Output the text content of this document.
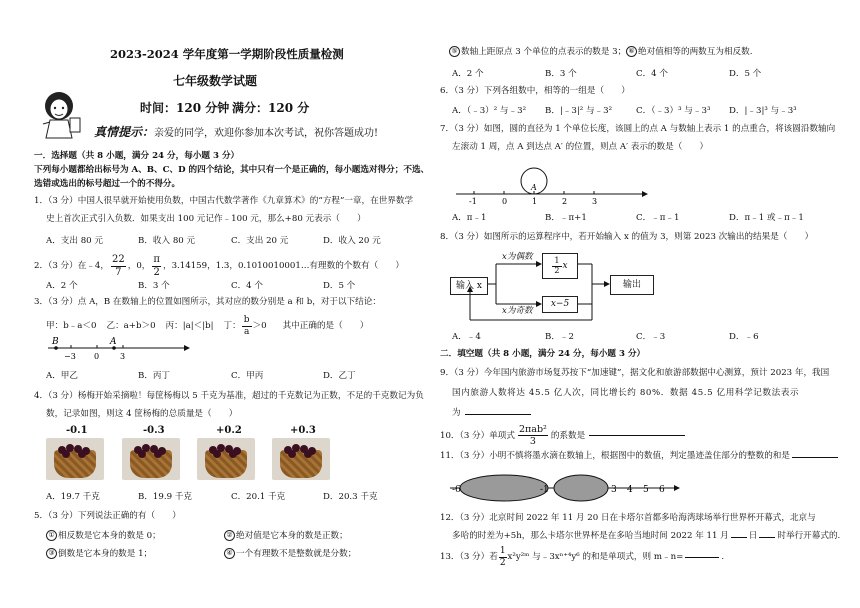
2023-2024 学年度第一学期阶段性质量检测
七年级数学试题
时间：120 分钟 满分：120 分
真情提示：亲爱的同学，欢迎你参加本次考试，祝你答题成功!
一．选择题（共 8 小题，满分 24 分，每小题 3 分）
下列每小题都给出标号为 A、B、C、D 的四个结论，其中只有一个是正确的，每小题选对得分；不选、
选错或选出的标号超过一个的不得分。
1．（3 分）中国人很早就开始使用负数，中国古代数学著作《九章算术》的“方程”一章，在世界数学
史上首次正式引入负数．如果支出 100 元记作﹣100 元，那么+80 元表示（　　）
A．支出 80 元	B．收入 80 元	C．支出 20 元	D．收入 20 元
2．（3 分）在﹣4， $\frac{22}{7}$ ，0， $\frac{\pi}{2}$ ，3.14159，1.3，0.1010010001…有理数的个数有（　　）
A．2 个	B．3 个	C．4 个	D．5 个
3．（3 分）点 A，B 在数轴上的位置如图所示，其对应的数分别是 a 和 b，对于以下结论：
甲：b﹣a＜0 乙：a+b＞0 丙：|a|＜|b| 丁： $\frac{b}{a} >0$ 其中正确的是（　　）
B	A
−3 0	3
A．甲乙	B．丙丁	C．甲丙	D．乙丁
4．（3 分）杨梅开始采摘啦！每筐杨梅以 5 千克为基准，超过的千克数记为正数，不足的千克数记为负
数，记录如图，则这 4 筐杨梅的总质量是（　　）
-0.1	-0.3	+0.2	+0.3
A．19.7 千克	B．19.9 千克	C．20.1 千克	D．20.3 千克
5．（3 分）下列说法正确的有（　　）
① 相反数是它本身的数是 0；	② 绝对值是它本身的数是正数；
③ 倒数是它本身的数是 1；	④ 一个有理数不是整数就是分数；
⑤ 数轴上距原点 3 个单位的点表示的数是 3； ⑥ 绝对值相等的两数互为相反数.
A．2 个	B．3 个	C．4 个	D．5 个
6．（3 分）下列各组数中，相等的一组是（　　）
A．（﹣3）² 与﹣3² B．|﹣3|² 与﹣3²	C．（﹣3）³ 与﹣3³ D．|﹣3|³ 与﹣3³
7．（3 分）如图，圆的直径为 1 个单位长度，该圆上的点 A 与数轴上表示 1 的点重合，将该圆沿数轴向
左滚动 1 周，点 A 到达点 A′ 的位置，则点 A′ 表示的数是（　　）
A
-1	0	1	2	3
A．π﹣1	B．﹣π+1	C．﹣π﹣1	D．π﹣1 或﹣π﹣1
8．（3 分）如图所示的运算程序中，若开始输入 x 的值为 3，则第 2023 次输出的结果是（　　）
输入 x
x为偶数 $\frac{1}{2}$ x
x为奇数
x−5
输出
A．﹣4	B．﹣2	C．﹣3	D．﹣6
二．填空题（共 8 小题，满分 24 分，每小题 3 分）
9．（3 分）今年国内旅游市场复苏按下“加速键”，据文化和旅游部数据中心测算，预计 2023 年，我国
国内旅游人数将达 45.5 亿人次，同比增长约 80%．数据 45.5 亿用科学记数法表示
为
10．（3 分）单项式
2πab²
3
的系数是
11．（3 分）小明不慎将墨水滴在数轴上，根据图中的数值，判定墨迹盖住部分的整数的和是
-6	-1	3 4 5 6
12．（3 分）北京时间 2022 年 11 月 20 日在卡塔尔首都多哈海湾球场举行世界杯开幕式，北京与
多哈的时差为+5h，那么卡塔尔世界杯是在多哈当地时间 2022 年 11 月 日 时举行开幕式的.
13．（3 分）若 $\frac{1}{2}$ x²y²ᵐ 与﹣3xⁿ⁺⁴y⁶ 的和是单项式，则 m﹣n=	.
